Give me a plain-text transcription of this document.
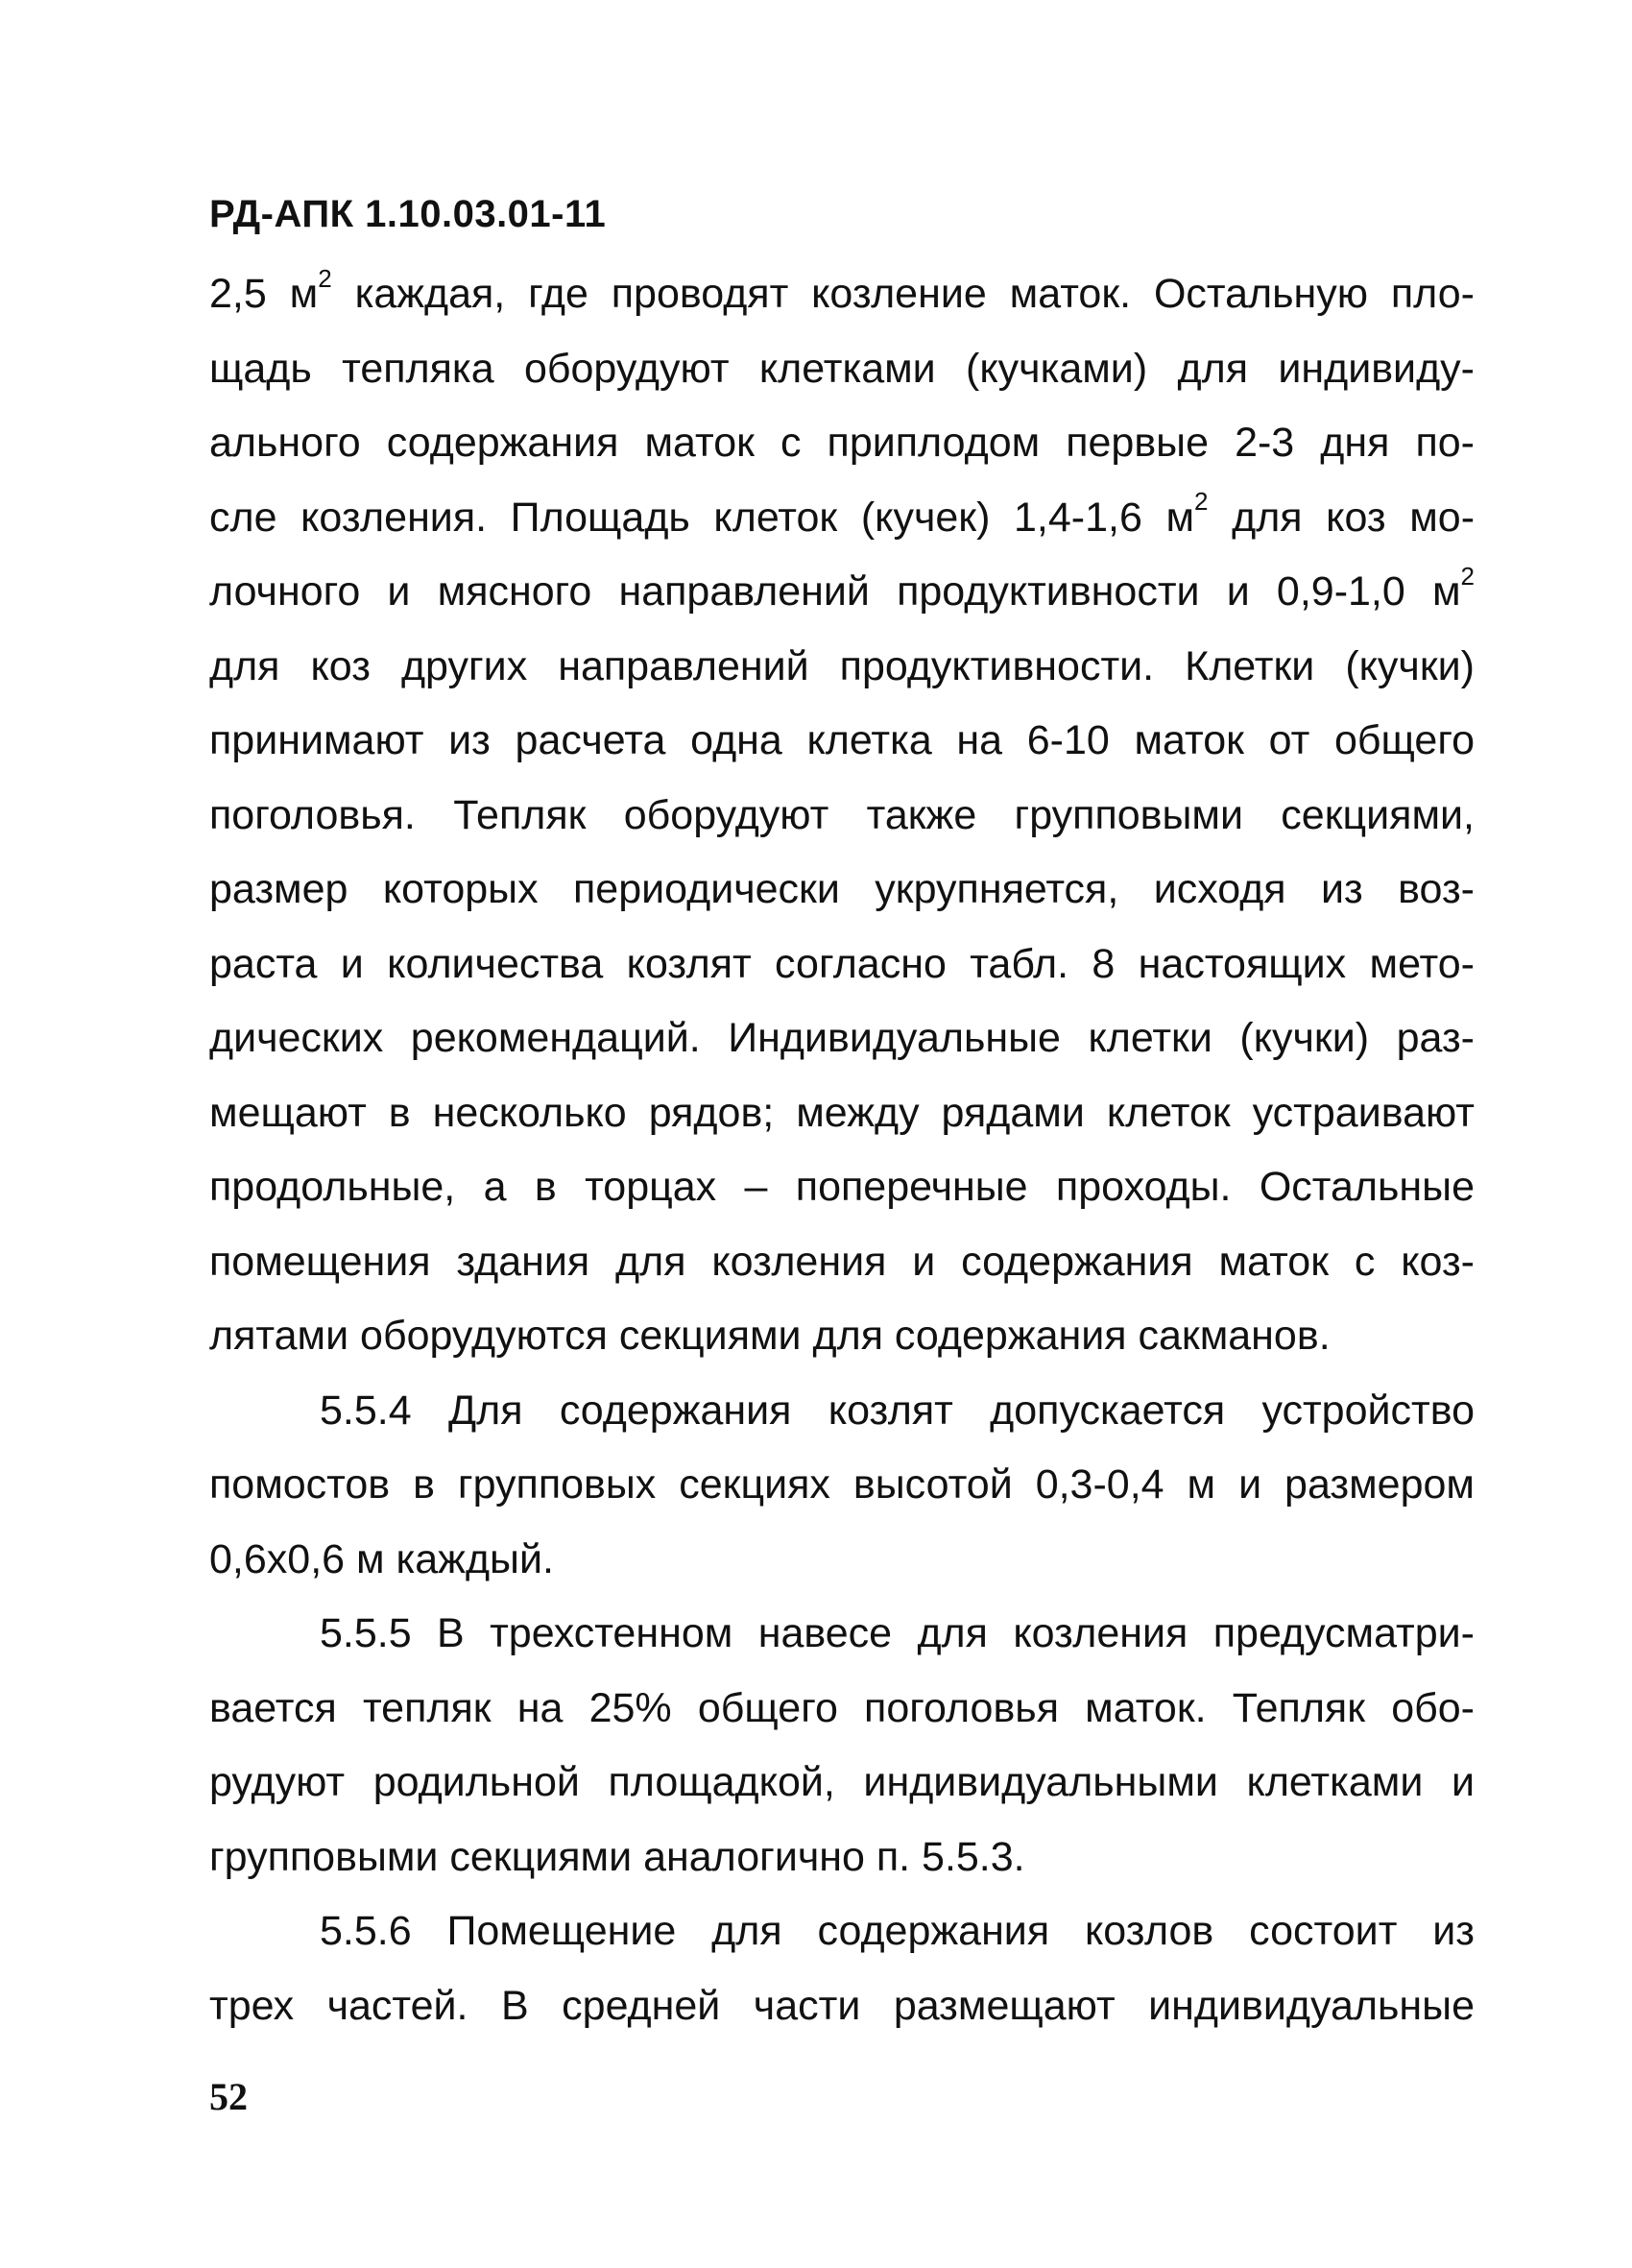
РД-АПК 1.10.03.01-11
2,5 $м^2$ каждая, где проводят козление маток. Остальную пло-
щадь тепляка оборудуют клетками (кучками) для индивиду-
ального содержания маток с приплодом первые 2-3 дня по-
сле козления. Площадь клеток (кучек) 1,4-1,6 $м^2$ для коз мо-
лочного и мясного направлений продуктивности и 0,9-1,0 $м^2$
для коз других направлений продуктивности. Клетки (кучки)
принимают из расчета одна клетка на 6-10 маток от общего
поголовья. Тепляк оборудуют также групповыми секциями,
размер которых периодически укрупняется, исходя из воз-
раста и количества козлят согласно табл. 8 настоящих мето-
дических рекомендаций. Индивидуальные клетки (кучки) раз-
мещают в несколько рядов; между рядами клеток устраивают
продольные, а в торцах – поперечные проходы. Остальные
помещения здания для козления и содержания маток с коз-
лятами оборудуются секциями для содержания сакманов.
5.5.4 Для содержания козлят допускается устройство
помостов в групповых секциях высотой 0,3-0,4 м и размером
0,6х0,6 м каждый.
5.5.5 В трехстенном навесе для козления предусматри-
вается тепляк на 25% общего поголовья маток. Тепляк обо-
рудуют родильной площадкой, индивидуальными клетками и
групповыми секциями аналогично п. 5.5.3.
5.5.6 Помещение для содержания козлов состоит из
трех частей. В средней части размещают индивидуальные
52
